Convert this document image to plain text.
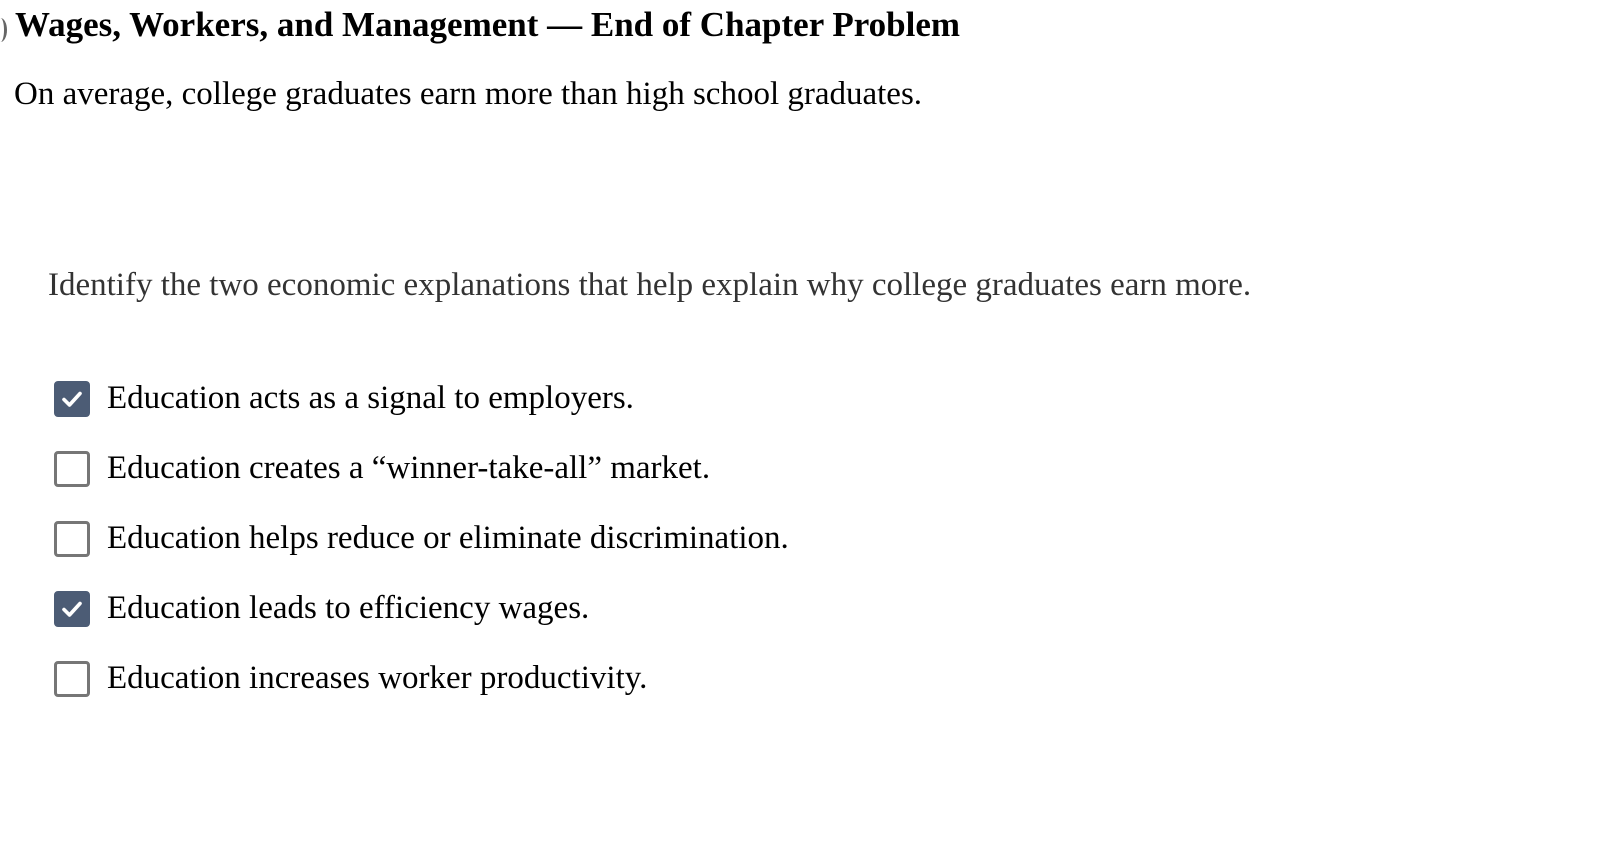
Wages, Workers, and Management — End of Chapter Problem

On average, college graduates earn more than high school graduates.

Identify the two economic explanations that help explain why college graduates earn more.

Education acts as a signal to employers.
Education creates a “winner-take-all” market.
Education helps reduce or eliminate discrimination.
Education leads to efficiency wages.
Education increases worker productivity.
